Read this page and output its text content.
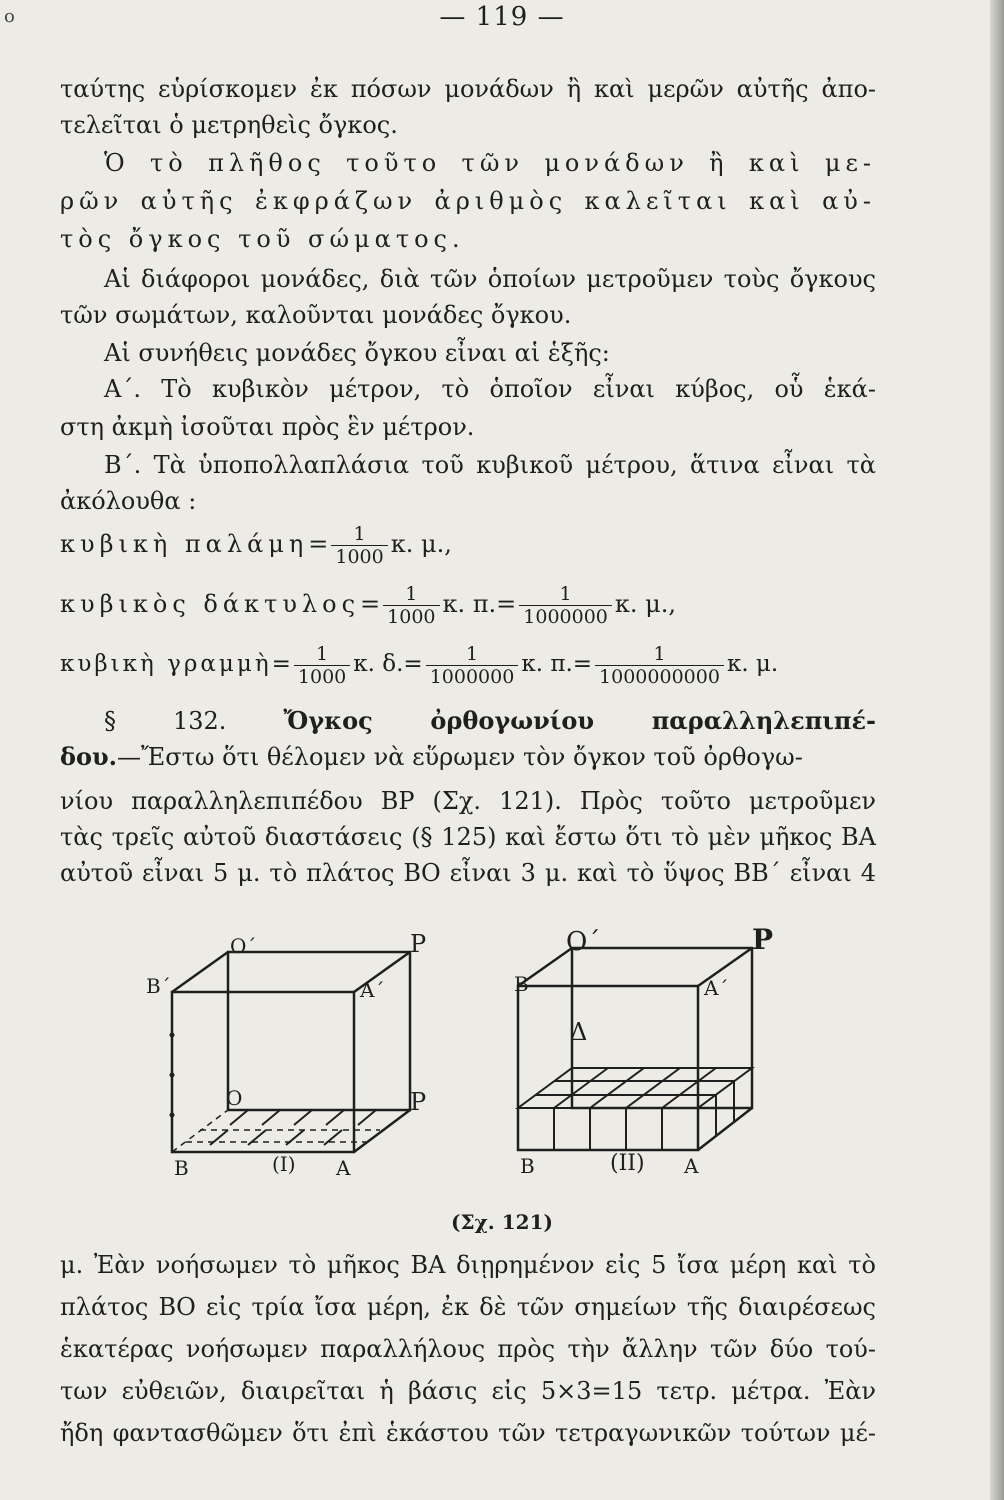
o	— 119 —
ταύτης εὑρίσκομεν ἐκ πόσων μονάδων ἢ καὶ μερῶν αὐτῆς ἀπο-
τελεῖται ὁ μετρηθεὶς ὄγκος.
Ὁ τὸ πλῆθος τοῦτο τῶν μονάδων ἢ καὶ με-
ρῶν αὐτῆς ἐκφράζων ἀριθμὸς καλεῖται καὶ αὐ-
τὸς ὄγκος τοῦ σώματος.
Αἱ διάφοροι μονάδες, διὰ τῶν ὁποίων μετροῦμεν τοὺς ὄγκους
τῶν σωμάτων, καλοῦνται μονάδες ὄγκου.
Αἱ συνήθεις μονάδες ὄγκου εἶναι αἱ ἑξῆς:
Α΄. Τὸ κυβικὸν μέτρον, τὸ ὁποῖον εἶναι κύβος, οὗ ἑκά-
στη ἀκμὴ ἰσοῦται πρὸς ἓν μέτρον.
Β΄. Τὰ ὑποπολλαπλάσια τοῦ κυβικοῦ μέτρου, ἅτινα εἶναι τὰ
ἀκόλουθα :
κυβικὴ $\pi\alpha\lambda ά\mu\eta= \frac{1}{1000} \kappa$. μ.,
κυβικὸς $\delta ά\kappa\tau\upsilon\lambda o\varsigma= \frac{1}{1000} \kappa$. $\pi.= \frac{1}{1000000} \kappa$. μ.,
κυβικὴ γραμμὴ= $\frac{1}{1000} \kappa$. $\delta.= \frac{1}{1000000} \kappa$. $\pi.= \frac{1}{1000000000} \kappa$. μ.
§ 132. Ὄγκος ὀρθογωνίου παραλληλεπιπέ-
δου.—Ἔστω ὅτι θέλομεν νὰ εὕρωμεν τὸν ὄγκον τοῦ ὀρθογω-
νίου παραλληλεπιπέδου ΒΡ (Σχ. 121). Πρὸς τοῦτο μετροῦμεν
τὰς τρεῖς αὐτοῦ διαστάσεις (§ 125) καὶ ἔστω ὅτι τὸ μὲν μῆκος ΒΑ
αὐτοῦ εἶναι 5 μ. τὸ πλάτος ΒΟ εἶναι 3 μ. καὶ τὸ ὕψος ΒΒ΄ εἶναι 4
Ο΄	Ρ
Β΄	Α΄
Ο	Ρ
Β	Α
(Ι)
Ο΄	Ρ
Β	Α΄
Δ
Β	Α
(ΙΙ)
(Σχ. 121)
μ. Ἐὰν νοήσωμεν τὸ μῆκος ΒΑ διῃρημένον εἰς 5 ἴσα μέρη καὶ τὸ
πλάτος ΒΟ εἰς τρία ἴσα μέρη, ἐκ δὲ τῶν σημείων τῆς διαιρέσεως
ἑκατέρας νοήσωμεν παραλλήλους πρὸς τὴν ἄλλην τῶν δύο τού-
των εὐθειῶν, διαιρεῖται ἡ βάσις εἰς 5×3=15 τετρ. μέτρα. Ἐὰν
ἤδη φαντασθῶμεν ὅτι ἐπὶ ἑκάστου τῶν τετραγωνικῶν τούτων μέ-
